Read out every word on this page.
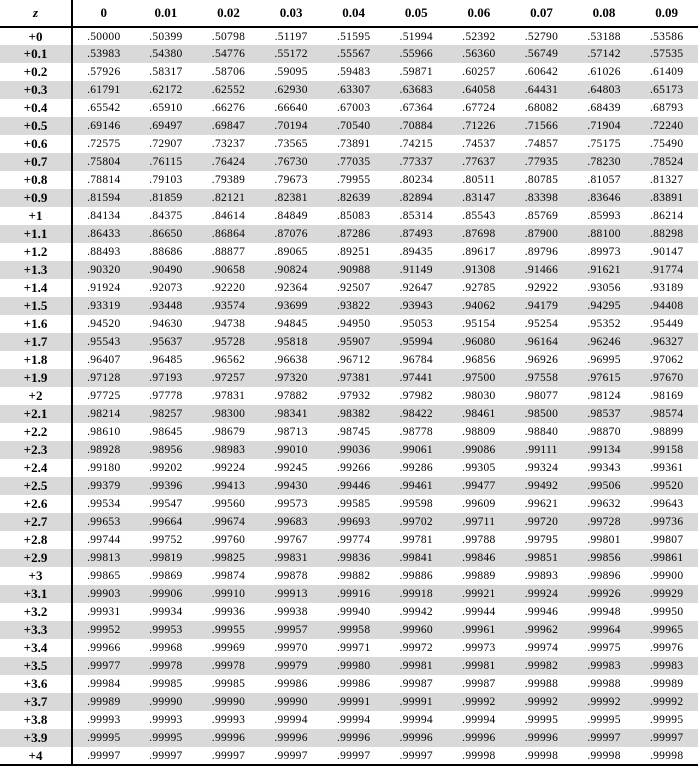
z	0	0.01	0.02	0.03	0.04	0.05	0.06	0.07	0.08	0.09
+0	.50000	.50399	.50798	.51197	.51595	.51994	.52392	.52790	.53188	.53586
+0.1	.53983	.54380	.54776	.55172	.55567	.55966	.56360	.56749	.57142	.57535
+0.2	.57926	.58317	.58706	.59095	.59483	.59871	.60257	.60642	.61026	.61409
+0.3	.61791	.62172	.62552	.62930	.63307	.63683	.64058	.64431	.64803	.65173
+0.4	.65542	.65910	.66276	.66640	.67003	.67364	.67724	.68082	.68439	.68793
+0.5	.69146	.69497	.69847	.70194	.70540	.70884	.71226	.71566	.71904	.72240
+0.6	.72575	.72907	.73237	.73565	.73891	.74215	.74537	.74857	.75175	.75490
+0.7	.75804	.76115	.76424	.76730	.77035	.77337	.77637	.77935	.78230	.78524
+0.8	.78814	.79103	.79389	.79673	.79955	.80234	.80511	.80785	.81057	.81327
+0.9	.81594	.81859	.82121	.82381	.82639	.82894	.83147	.83398	.83646	.83891
+1	.84134	.84375	.84614	.84849	.85083	.85314	.85543	.85769	.85993	.86214
+1.1	.86433	.86650	.86864	.87076	.87286	.87493	.87698	.87900	.88100	.88298
+1.2	.88493	.88686	.88877	.89065	.89251	.89435	.89617	.89796	.89973	.90147
+1.3	.90320	.90490	.90658	.90824	.90988	.91149	.91308	.91466	.91621	.91774
+1.4	.91924	.92073	.92220	.92364	.92507	.92647	.92785	.92922	.93056	.93189
+1.5	.93319	.93448	.93574	.93699	.93822	.93943	.94062	.94179	.94295	.94408
+1.6	.94520	.94630	.94738	.94845	.94950	.95053	.95154	.95254	.95352	.95449
+1.7	.95543	.95637	.95728	.95818	.95907	.95994	.96080	.96164	.96246	.96327
+1.8	.96407	.96485	.96562	.96638	.96712	.96784	.96856	.96926	.96995	.97062
+1.9	.97128	.97193	.97257	.97320	.97381	.97441	.97500	.97558	.97615	.97670
+2	.97725	.97778	.97831	.97882	.97932	.97982	.98030	.98077	.98124	.98169
+2.1	.98214	.98257	.98300	.98341	.98382	.98422	.98461	.98500	.98537	.98574
+2.2	.98610	.98645	.98679	.98713	.98745	.98778	.98809	.98840	.98870	.98899
+2.3	.98928	.98956	.98983	.99010	.99036	.99061	.99086	.99111	.99134	.99158
+2.4	.99180	.99202	.99224	.99245	.99266	.99286	.99305	.99324	.99343	.99361
+2.5	.99379	.99396	.99413	.99430	.99446	.99461	.99477	.99492	.99506	.99520
+2.6	.99534	.99547	.99560	.99573	.99585	.99598	.99609	.99621	.99632	.99643
+2.7	.99653	.99664	.99674	.99683	.99693	.99702	.99711	.99720	.99728	.99736
+2.8	.99744	.99752	.99760	.99767	.99774	.99781	.99788	.99795	.99801	.99807
+2.9	.99813	.99819	.99825	.99831	.99836	.99841	.99846	.99851	.99856	.99861
+3	.99865	.99869	.99874	.99878	.99882	.99886	.99889	.99893	.99896	.99900
+3.1	.99903	.99906	.99910	.99913	.99916	.99918	.99921	.99924	.99926	.99929
+3.2	.99931	.99934	.99936	.99938	.99940	.99942	.99944	.99946	.99948	.99950
+3.3	.99952	.99953	.99955	.99957	.99958	.99960	.99961	.99962	.99964	.99965
+3.4	.99966	.99968	.99969	.99970	.99971	.99972	.99973	.99974	.99975	.99976
+3.5	.99977	.99978	.99978	.99979	.99980	.99981	.99981	.99982	.99983	.99983
+3.6	.99984	.99985	.99985	.99986	.99986	.99987	.99987	.99988	.99988	.99989
+3.7	.99989	.99990	.99990	.99990	.99991	.99991	.99992	.99992	.99992	.99992
+3.8	.99993	.99993	.99993	.99994	.99994	.99994	.99994	.99995	.99995	.99995
+3.9	.99995	.99995	.99996	.99996	.99996	.99996	.99996	.99996	.99997	.99997
+4	.99997	.99997	.99997	.99997	.99997	.99997	.99998	.99998	.99998	.99998
